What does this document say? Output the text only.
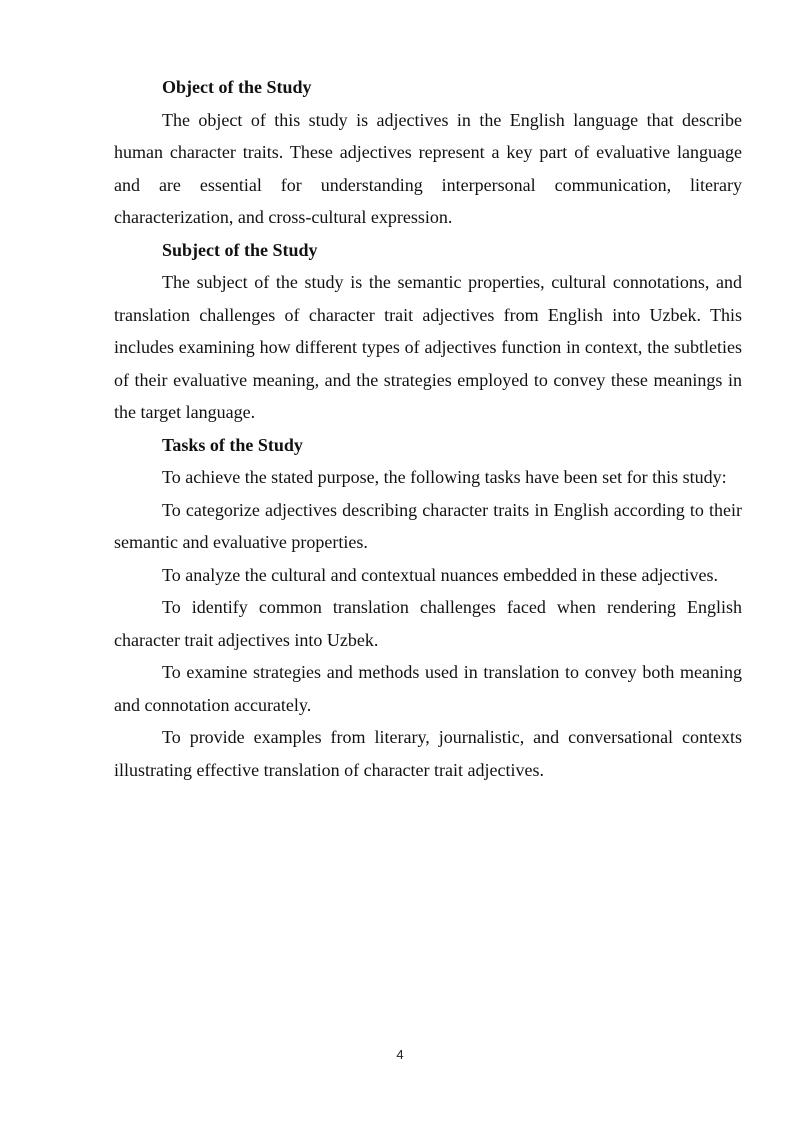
Object of the Study

The object of this study is adjectives in the English language that describe human character traits. These adjectives represent a key part of evaluative language and are essential for understanding interpersonal communication, literary characterization, and cross-cultural expression.

Subject of the Study

The subject of the study is the semantic properties, cultural connotations, and translation challenges of character trait adjectives from English into Uzbek. This includes examining how different types of adjectives function in context, the subtleties of their evaluative meaning, and the strategies employed to convey these meanings in the target language.

Tasks of the Study

To achieve the stated purpose, the following tasks have been set for this study:

To categorize adjectives describing character traits in English according to their semantic and evaluative properties.

To analyze the cultural and contextual nuances embedded in these adjectives.

To identify common translation challenges faced when rendering English character trait adjectives into Uzbek.

To examine strategies and methods used in translation to convey both meaning and connotation accurately.

To provide examples from literary, journalistic, and conversational contexts illustrating effective translation of character trait adjectives.

4
